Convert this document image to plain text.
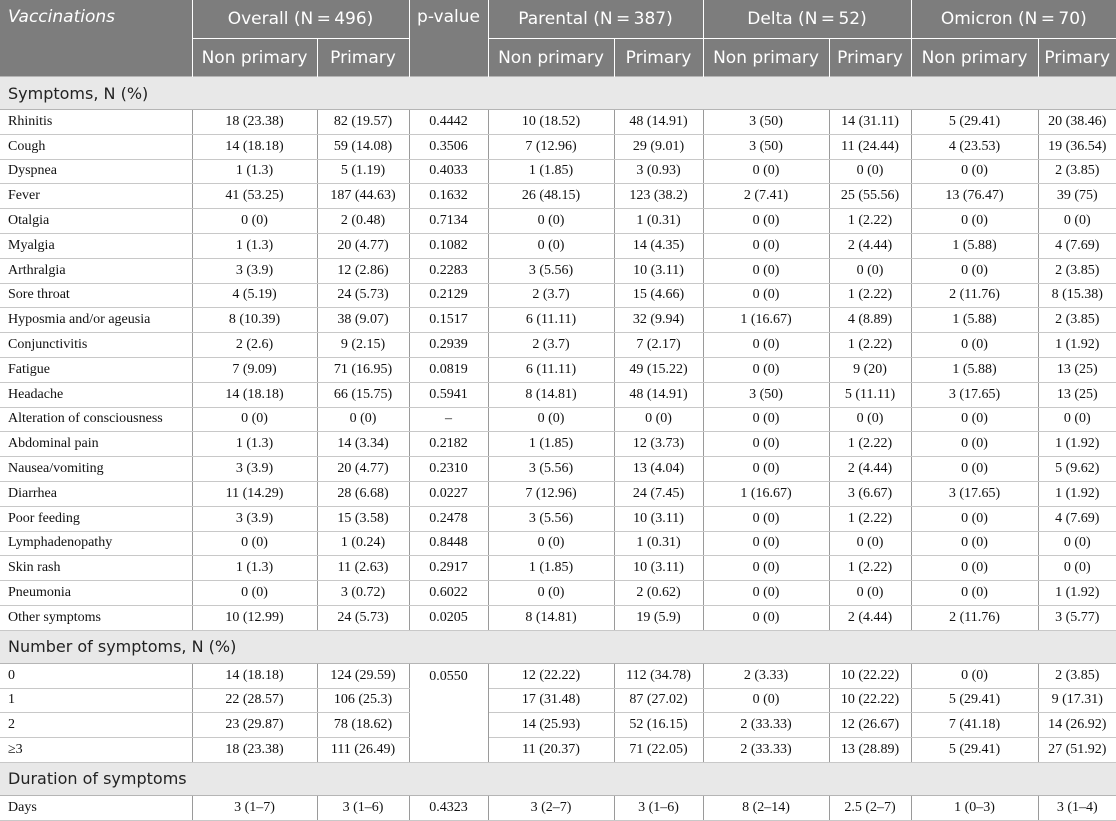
Vaccinations	Overall (N = 496)		p-value	Parental (N = 387)		Delta (N = 52)		Omicron (N = 70)	
	Non primary	Primary		Non primary	Primary	Non primary	Primary	Non primary	Primary
Symptoms, N (%)									
Rhinitis	18 (23.38)	82 (19.57)	0.4442	10 (18.52)	48 (14.91)	3 (50)	14 (31.11)	5 (29.41)	20 (38.46)
Cough	14 (18.18)	59 (14.08)	0.3506	7 (12.96)	29 (9.01)	3 (50)	11 (24.44)	4 (23.53)	19 (36.54)
Dyspnea	1 (1.3)	5 (1.19)	0.4033	1 (1.85)	3 (0.93)	0 (0)	0 (0)	0 (0)	2 (3.85)
Fever	41 (53.25)	187 (44.63)	0.1632	26 (48.15)	123 (38.2)	2 (7.41)	25 (55.56)	13 (76.47)	39 (75)
Otalgia	0 (0)	2 (0.48)	0.7134	0 (0)	1 (0.31)	0 (0)	1 (2.22)	0 (0)	0 (0)
Myalgia	1 (1.3)	20 (4.77)	0.1082	0 (0)	14 (4.35)	0 (0)	2 (4.44)	1 (5.88)	4 (7.69)
Arthralgia	3 (3.9)	12 (2.86)	0.2283	3 (5.56)	10 (3.11)	0 (0)	0 (0)	0 (0)	2 (3.85)
Sore throat	4 (5.19)	24 (5.73)	0.2129	2 (3.7)	15 (4.66)	0 (0)	1 (2.22)	2 (11.76)	8 (15.38)
Hyposmia and/or ageusia	8 (10.39)	38 (9.07)	0.1517	6 (11.11)	32 (9.94)	1 (16.67)	4 (8.89)	1 (5.88)	2 (3.85)
Conjunctivitis	2 (2.6)	9 (2.15)	0.2939	2 (3.7)	7 (2.17)	0 (0)	1 (2.22)	0 (0)	1 (1.92)
Fatigue	7 (9.09)	71 (16.95)	0.0819	6 (11.11)	49 (15.22)	0 (0)	9 (20)	1 (5.88)	13 (25)
Headache	14 (18.18)	66 (15.75)	0.5941	8 (14.81)	48 (14.91)	3 (50)	5 (11.11)	3 (17.65)	13 (25)
Alteration of consciousness	0 (0)	0 (0)	–	0 (0)	0 (0)	0 (0)	0 (0)	0 (0)	0 (0)
Abdominal pain	1 (1.3)	14 (3.34)	0.2182	1 (1.85)	12 (3.73)	0 (0)	1 (2.22)	0 (0)	1 (1.92)
Nausea/vomiting	3 (3.9)	20 (4.77)	0.2310	3 (5.56)	13 (4.04)	0 (0)	2 (4.44)	0 (0)	5 (9.62)
Diarrhea	11 (14.29)	28 (6.68)	0.0227	7 (12.96)	24 (7.45)	1 (16.67)	3 (6.67)	3 (17.65)	1 (1.92)
Poor feeding	3 (3.9)	15 (3.58)	0.2478	3 (5.56)	10 (3.11)	0 (0)	1 (2.22)	0 (0)	4 (7.69)
Lymphadenopathy	0 (0)	1 (0.24)	0.8448	0 (0)	1 (0.31)	0 (0)	0 (0)	0 (0)	0 (0)
Skin rash	1 (1.3)	11 (2.63)	0.2917	1 (1.85)	10 (3.11)	0 (0)	1 (2.22)	0 (0)	0 (0)
Pneumonia	0 (0)	3 (0.72)	0.6022	0 (0)	2 (0.62)	0 (0)	0 (0)	0 (0)	1 (1.92)
Other symptoms	10 (12.99)	24 (5.73)	0.0205	8 (14.81)	19 (5.9)	0 (0)	2 (4.44)	2 (11.76)	3 (5.77)
Number of symptoms, N (%)									
0	14 (18.18)	124 (29.59)	0.0550	12 (22.22)	112 (34.78)	2 (3.33)	10 (22.22)	0 (0)	2 (3.85)
1	22 (28.57)	106 (25.3)		17 (31.48)	87 (27.02)	0 (0)	10 (22.22)	5 (29.41)	9 (17.31)
2	23 (29.87)	78 (18.62)		14 (25.93)	52 (16.15)	2 (33.33)	12 (26.67)	7 (41.18)	14 (26.92)
≥3	18 (23.38)	111 (26.49)		11 (20.37)	71 (22.05)	2 (33.33)	13 (28.89)	5 (29.41)	27 (51.92)
Duration of symptoms									
Days	3 (1–7)	3 (1–6)	0.4323	3 (2–7)	3 (1–6)	8 (2–14)	2.5 (2–7)	1 (0–3)	3 (1–4)
